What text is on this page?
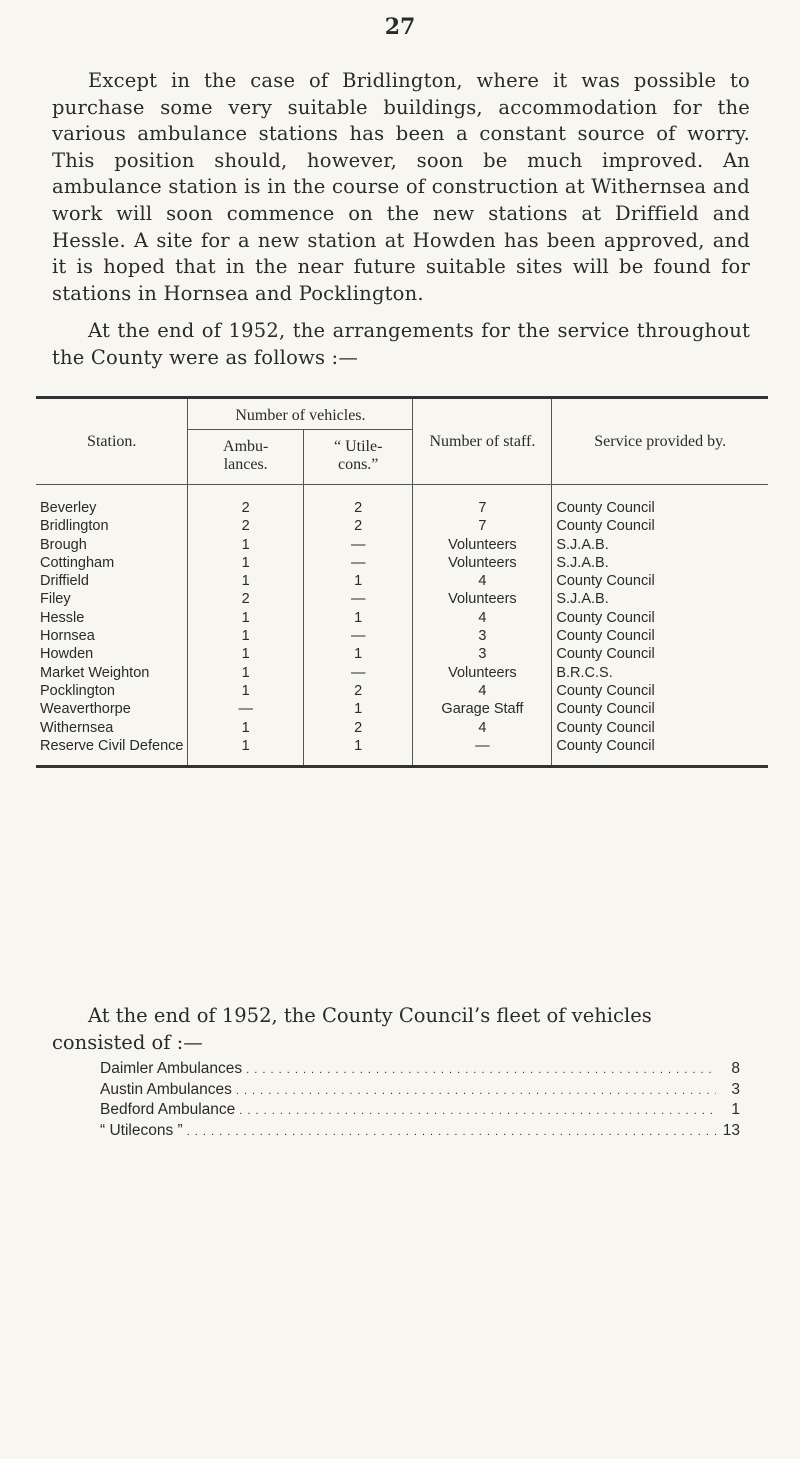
27

Except in the case of Bridlington, where it was possible to purchase some very suitable buildings, accommodation for the various ambulance stations has been a constant source of worry. This position should, however, soon be much improved. An ambulance station is in the course of construction at Withernsea and work will soon commence on the new stations at Driffield and Hessle. A site for a new station at Howden has been approved, and it is hoped that in the near future suitable sites will be found for stations in Hornsea and Pocklington.

At the end of 1952, the arrangements for the service throughout the County were as follows :—

Station.	Number of vehicles.		Number of staff.	Service provided by.
	Ambu- lances.	“ Utile- cons.”		
Beverley	2	2	7	County Council
Bridlington	2	2	7	County Council
Brough	1	—	Volunteers	S.J.A.B.
Cottingham	1	—	Volunteers	S.J.A.B.
Driffield	1	1	4	County Council
Filey	2	—	Volunteers	S.J.A.B.
Hessle	1	1	4	County Council
Hornsea	1	—	3	County Council
Howden	1	1	3	County Council
Market Weighton	1	—	Volunteers	B.R.C.S.
Pocklington	1	2	4	County Council
Weaverthorpe	—	1	Garage Staff	County Council
Withernsea	1	2	4	County Council
Reserve Civil Defence	1	1	—	County Council

At the end of 1952, the County Council’s fleet of vehicles consisted of :—

Daimler Ambulances . . .	8
Austin Ambulances . . .	3
Bedford Ambulance . . .	1
“ Utilecons ” . . .	13
